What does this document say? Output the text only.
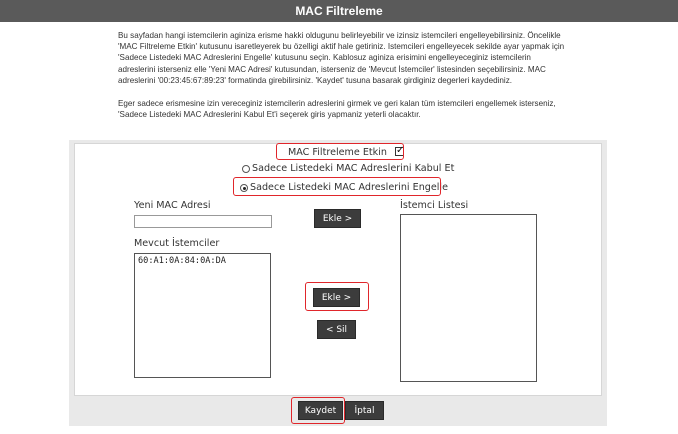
MAC Filtreleme

Bu sayfadan hangi istemcilerin aginiza erisme hakki oldugunu belirleyebilir ve izinsiz istemcileri engelleyebilirsiniz. Öncelikle 'MAC Filtreleme Etkin' kutusunu isaretleyerek bu özelligi aktif hale getiriniz. Istemcileri engelleyecek sekilde ayar yapmak için 'Sadece Listedeki MAC Adreslerini Engelle' kutusunu seçin. Kablosuz aginiza erisimini engelleyeceginiz istemcilerin adreslerini isterseniz elle 'Yeni MAC Adresi' kutusundan, isterseniz de 'Mevcut İstemciler' listesinden seçebilirsiniz. MAC adreslerini '00:23:45:67:89:23' formatinda girebilirsiniz. 'Kaydet' tusuna basarak girdiginiz degerleri kaydediniz.

Eger sadece erismesine izin vereceginiz istemcilerin adreslerini girmek ve geri kalan tüm istemcileri engellemek isterseniz, 'Sadece Listedeki MAC Adreslerini Kabul Et'i seçerek giris yapmaniz yeterli olacaktır.

MAC Filtreleme Etkin
✓
Sadece Listedeki MAC Adreslerini Kabul Et
Sadece Listedeki MAC Adreslerini Engelle
Yeni MAC Adresi
Ekle >
İstemci Listesi
Mevcut İstemciler
60:A1:0A:84:0A:DA
Ekle >
< Sil
Kaydet	İptal
